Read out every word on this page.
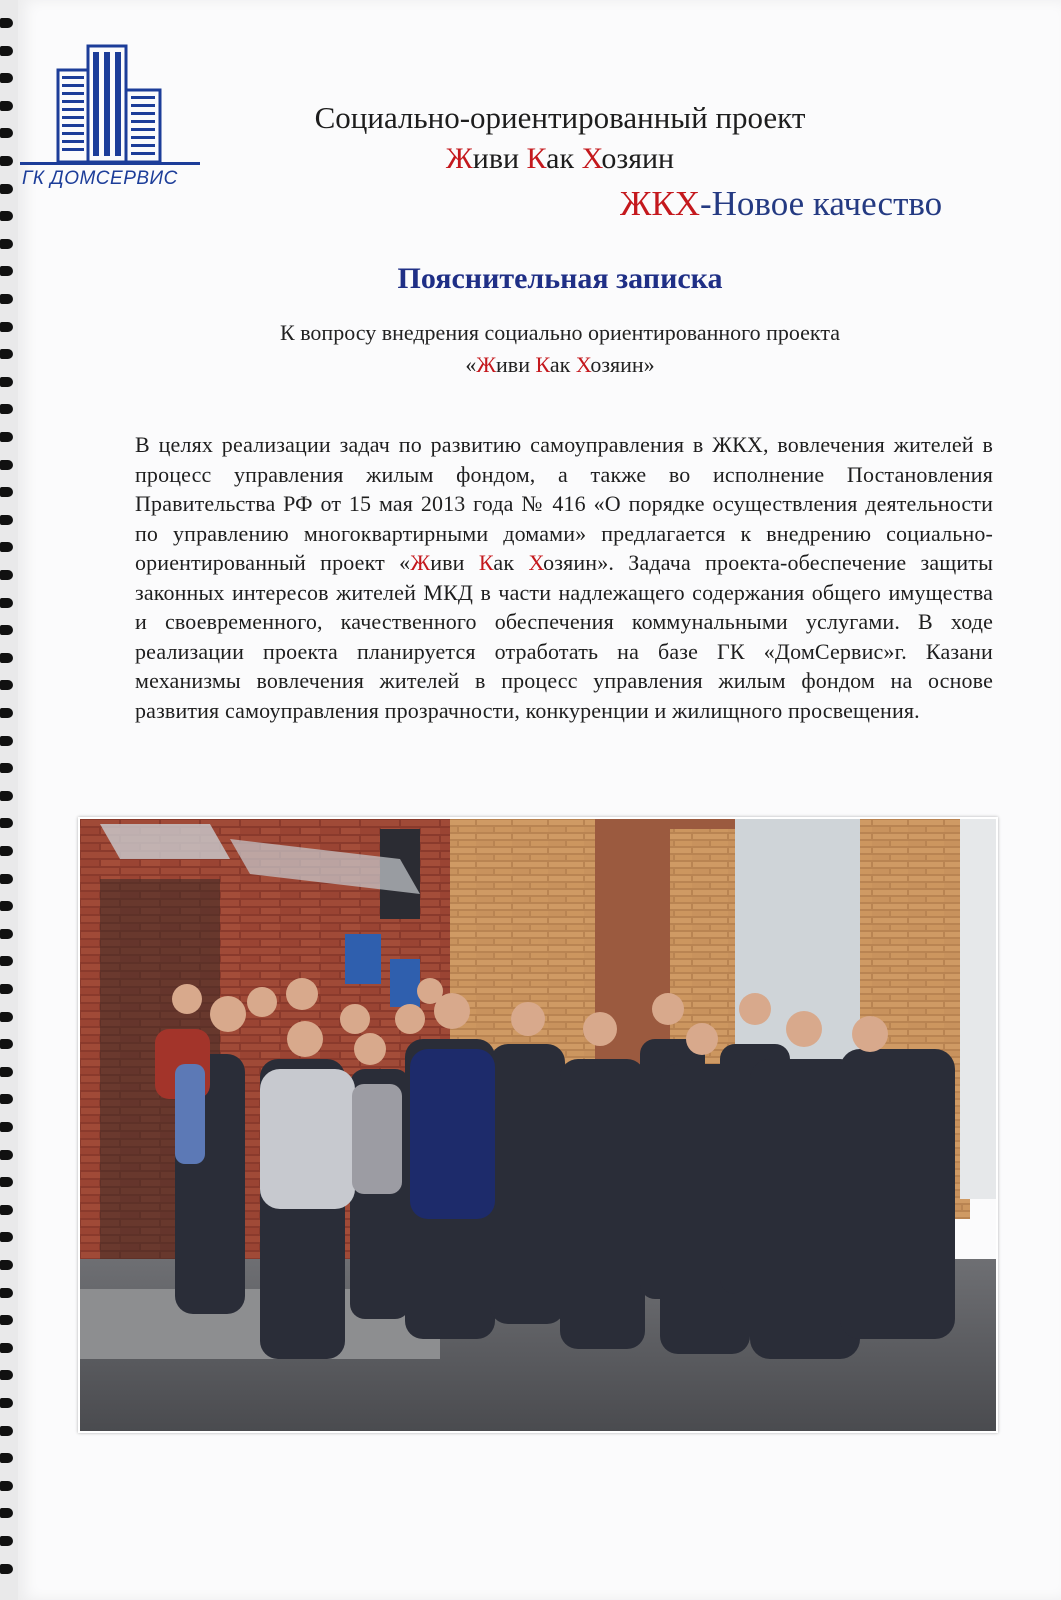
ГК ДОМСЕРВИС
Социально-ориентированный проект
Живи Как Хозяин
ЖКХ-Новое качество
Пояснительная записка
К вопросу внедрения социально ориентированного проекта
«Живи Как Хозяин»
В целях реализации задач по развитию самоуправления в ЖКХ, вовлечения жителей в процесс управления жилым фондом, а также во исполнение Постановления Правительства РФ от 15 мая 2013 года № 416 «О порядке осуществления деятельности по управлению многоквартирными домами» предлагается к внедрению социально-ориентированный проект «Живи Как Хозяин». Задача проекта-обеспечение защиты законных интересов жителей МКД в части надлежащего содержания общего имущества и своевременного, качественного обеспечения коммунальными услугами. В ходе реализации проекта планируется отработать на базе ГК «ДомСервис»г. Казани механизмы вовлечения жителей в процесс управления жилым фондом на основе развития самоуправления прозрачности, конкуренции и жилищного просвещения.
